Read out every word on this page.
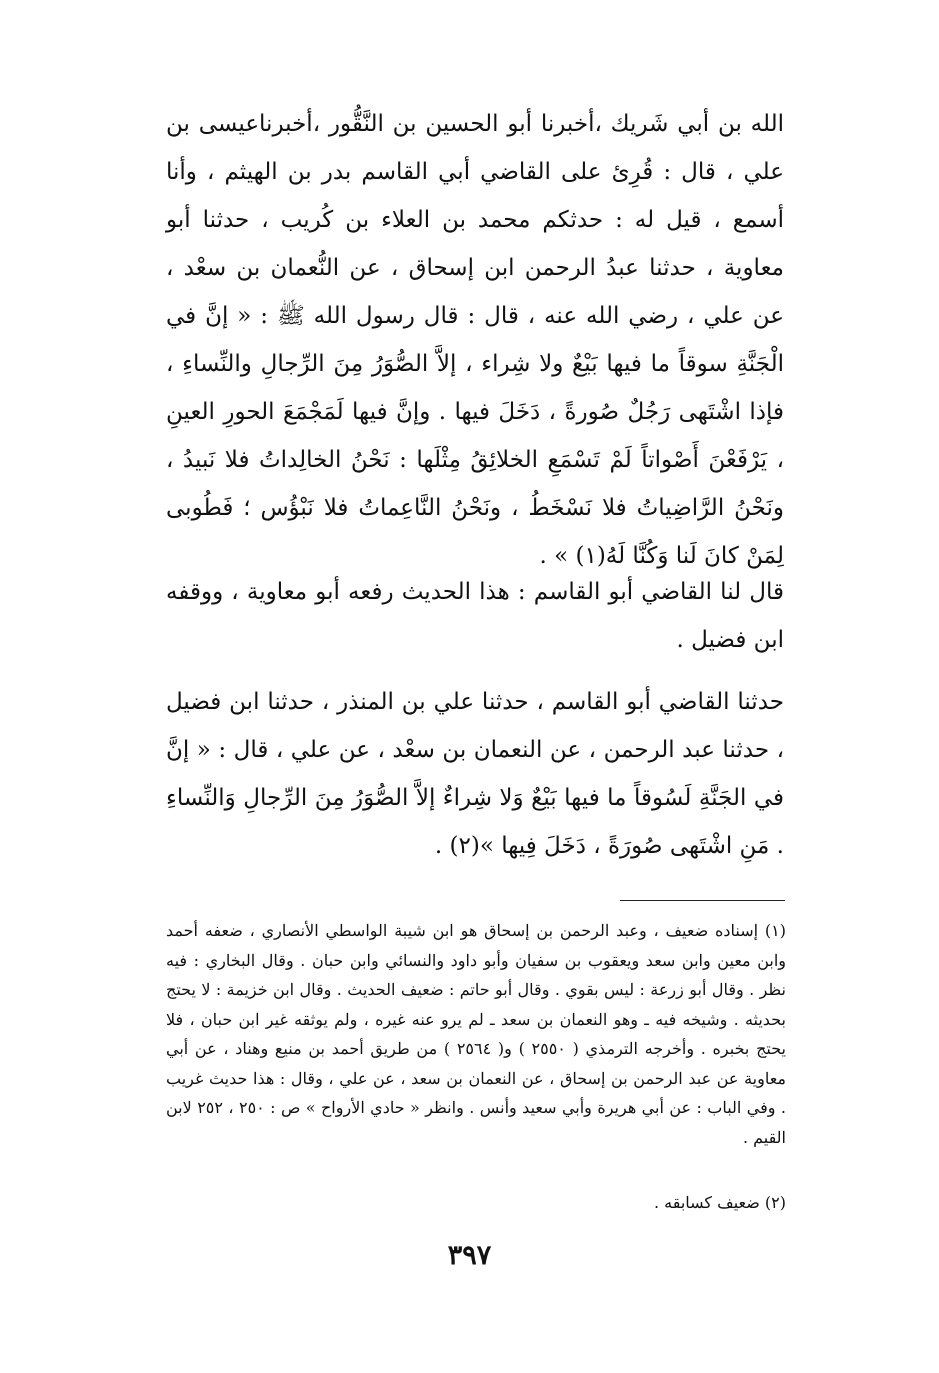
الله بن أبي شَريك ،أخبرنا أبو الحسين بن النَّقُّور ،أخبرناعيسى بن علي ، قال : قُرِئ على القاضي أبي القاسم بدر بن الهيثم ، وأنا أسمع ، قيل له : حدثكم محمد بن العلاء بن كُريب ، حدثنا أبو معاوية ، حدثنا عبدُ الرحمن ابن إسحاق ، عن النُّعمان بن سعْد ، عن علي ، رضي الله عنه ، قال : قال رسول الله ﷺ : « إنَّ في الْجَنَّةِ سوقاً ما فيها بَيْعٌ ولا شِراء ، إلاَّ الصُّوَرُ مِنَ الرِّجالِ والنِّساءِ ، فإذا اشْتَهى رَجُلٌ صُورةً ، دَخَلَ فيها . وإنَّ فيها لَمَجْمَعَ الحورِ العينِ ، يَرْفَعْنَ أَصْواتاً لَمْ تَسْمَعِ الخلائِقُ مِثْلَها : نَحْنُ الخالِداتُ فلا نَبيدُ ، ونَحْنُ الرَّاضِياتُ فلا نَسْخَطُ ، ونَحْنُ النَّاعِماتُ فلا نَبْؤُس ؛ فَطُوبى لِمَنْ كانَ لَنا وَكُنَّا لَهُ(١) » .
قال لنا القاضي أبو القاسم : هذا الحديث رفعه أبو معاوية ، ووقفه ابن فضيل .
حدثنا القاضي أبو القاسم ، حدثنا علي بن المنذر ، حدثنا ابن فضيل ، حدثنا عبد الرحمن ، عن النعمان بن سعْد ، عن علي ، قال : « إنَّ في الجَنَّةِ لَسُوقاً ما فيها بَيْعٌ وَلا شِراءٌ إلاَّ الصُّوَرُ مِنَ الرِّجالِ وَالنِّساءِ . مَنِ اشْتَهى صُورَةً ، دَخَلَ فِيها »(٢) .
(١) إسناده ضعيف ، وعبد الرحمن بن إسحاق هو ابن شيبة الواسطي الأنصاري ، ضعفه أحمد وابن معين وابن سعد ويعقوب بن سفيان وأبو داود والنسائي وابن حبان . وقال البخاري : فيه نظر . وقال أبو زرعة : ليس بقوي . وقال أبو حاتم : ضعيف الحديث . وقال ابن خزيمة : لا يحتج بحديثه . وشيخه فيه ـ وهو النعمان بن سعد ـ لم يرو عنه غيره ، ولم يوثقه غير ابن حبان ، فلا يحتج بخبره . وأخرجه الترمذي ( ٢٥٥٠ ) و( ٢٥٦٤ ) من طريق أحمد بن منيع وهناد ، عن أبي معاوية عن عبد الرحمن بن إسحاق ، عن النعمان بن سعد ، عن علي ، وقال : هذا حديث غريب . وفي الباب : عن أبي هريرة وأبي سعيد وأنس . وانظر « حادي الأرواح » ص : ٢٥٠ ، ٢٥٢ لابن القيم .
(٢) ضعيف كسابقه .
٣٩٧
